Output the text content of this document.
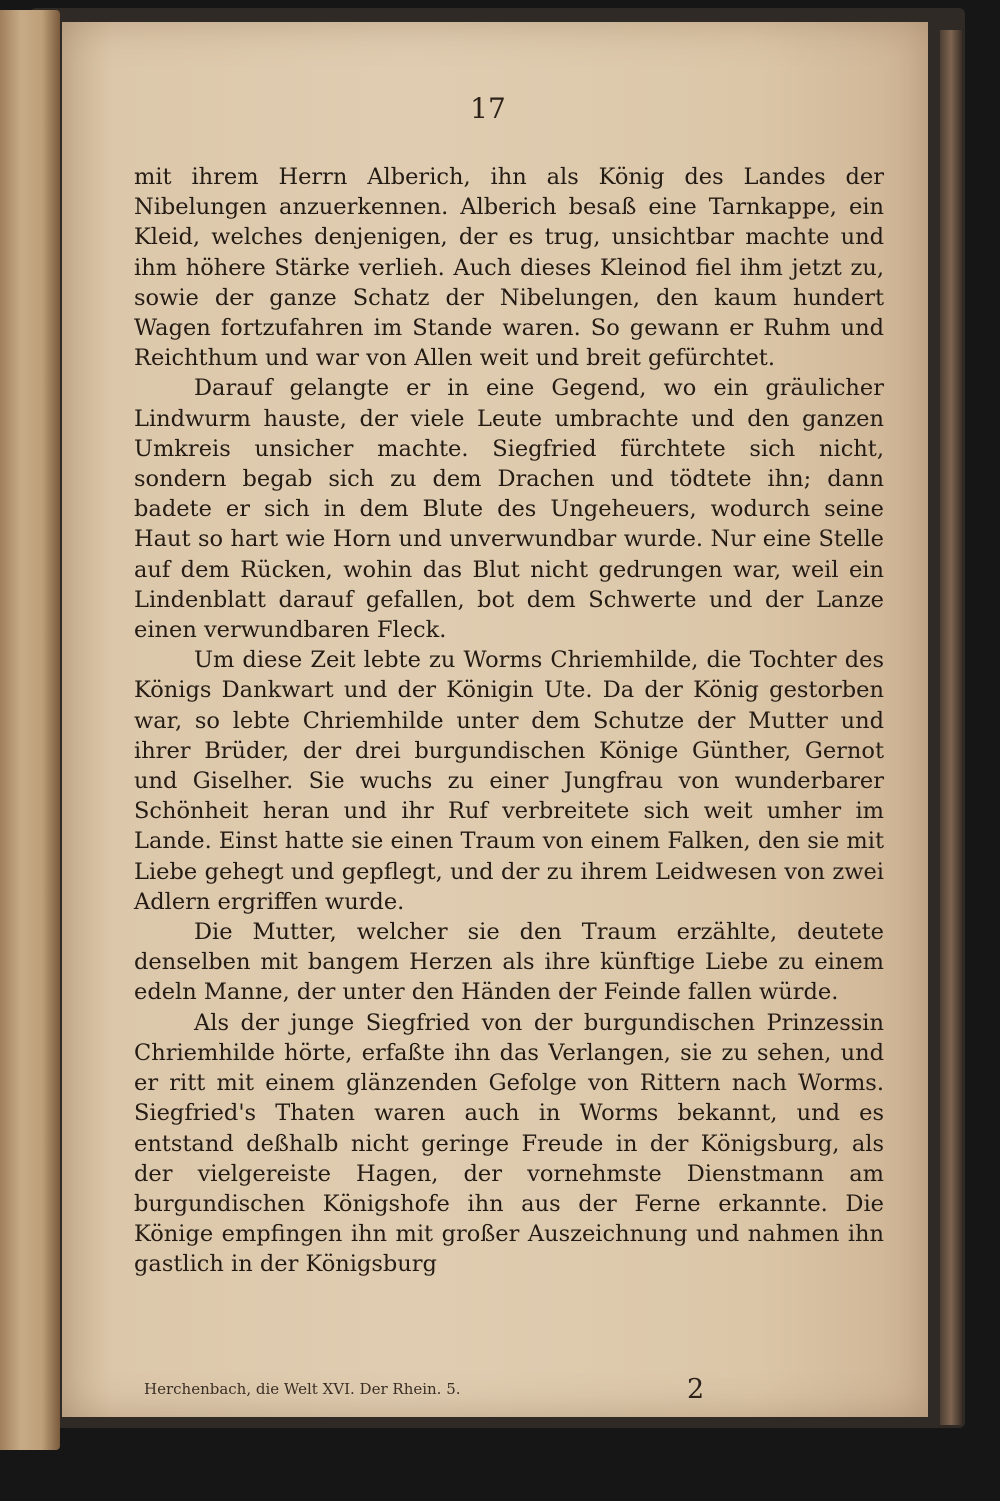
17

mit ihrem Herrn Alberich, ihn als König des Landes der Nibelungen anzuerkennen. Alberich besaß eine Tarnkappe, ein Kleid, welches denjenigen, der es trug, unsichtbar machte und ihm höhere Stärke verlieh. Auch dieses Kleinod fiel ihm jetzt zu, sowie der ganze Schatz der Nibelungen, den kaum hundert Wagen fortzufahren im Stande waren. So gewann er Ruhm und Reichthum und war von Allen weit und breit gefürchtet.

Darauf gelangte er in eine Gegend, wo ein gräulicher Lindwurm hauste, der viele Leute umbrachte und den ganzen Umkreis unsicher machte. Siegfried fürchtete sich nicht, sondern begab sich zu dem Drachen und tödtete ihn; dann badete er sich in dem Blute des Ungeheuers, wodurch seine Haut so hart wie Horn und unverwundbar wurde. Nur eine Stelle auf dem Rücken, wohin das Blut nicht gedrungen war, weil ein Lindenblatt darauf gefallen, bot dem Schwerte und der Lanze einen verwundbaren Fleck.

Um diese Zeit lebte zu Worms Chriemhilde, die Tochter des Königs Dankwart und der Königin Ute. Da der König gestorben war, so lebte Chriemhilde unter dem Schutze der Mutter und ihrer Brüder, der drei burgundischen Könige Günther, Gernot und Giselher. Sie wuchs zu einer Jungfrau von wunderbarer Schönheit heran und ihr Ruf verbreitete sich weit umher im Lande. Einst hatte sie einen Traum von einem Falken, den sie mit Liebe gehegt und gepflegt, und der zu ihrem Leidwesen von zwei Adlern ergriffen wurde.

Die Mutter, welcher sie den Traum erzählte, deutete denselben mit bangem Herzen als ihre künftige Liebe zu einem edeln Manne, der unter den Händen der Feinde fallen würde.

Als der junge Siegfried von der burgundischen Prinzessin Chriemhilde hörte, erfaßte ihn das Verlangen, sie zu sehen, und er ritt mit einem glänzenden Gefolge von Rittern nach Worms. Siegfried's Thaten waren auch in Worms bekannt, und es entstand deßhalb nicht geringe Freude in der Königsburg, als der vielgereiste Hagen, der vornehmste Dienstmann am burgundischen Königshofe ihn aus der Ferne erkannte. Die Könige empfingen ihn mit großer Auszeichnung und nahmen ihn gastlich in der Königsburg

Herchenbach, die Welt XVI. Der Rhein. 5.	2
